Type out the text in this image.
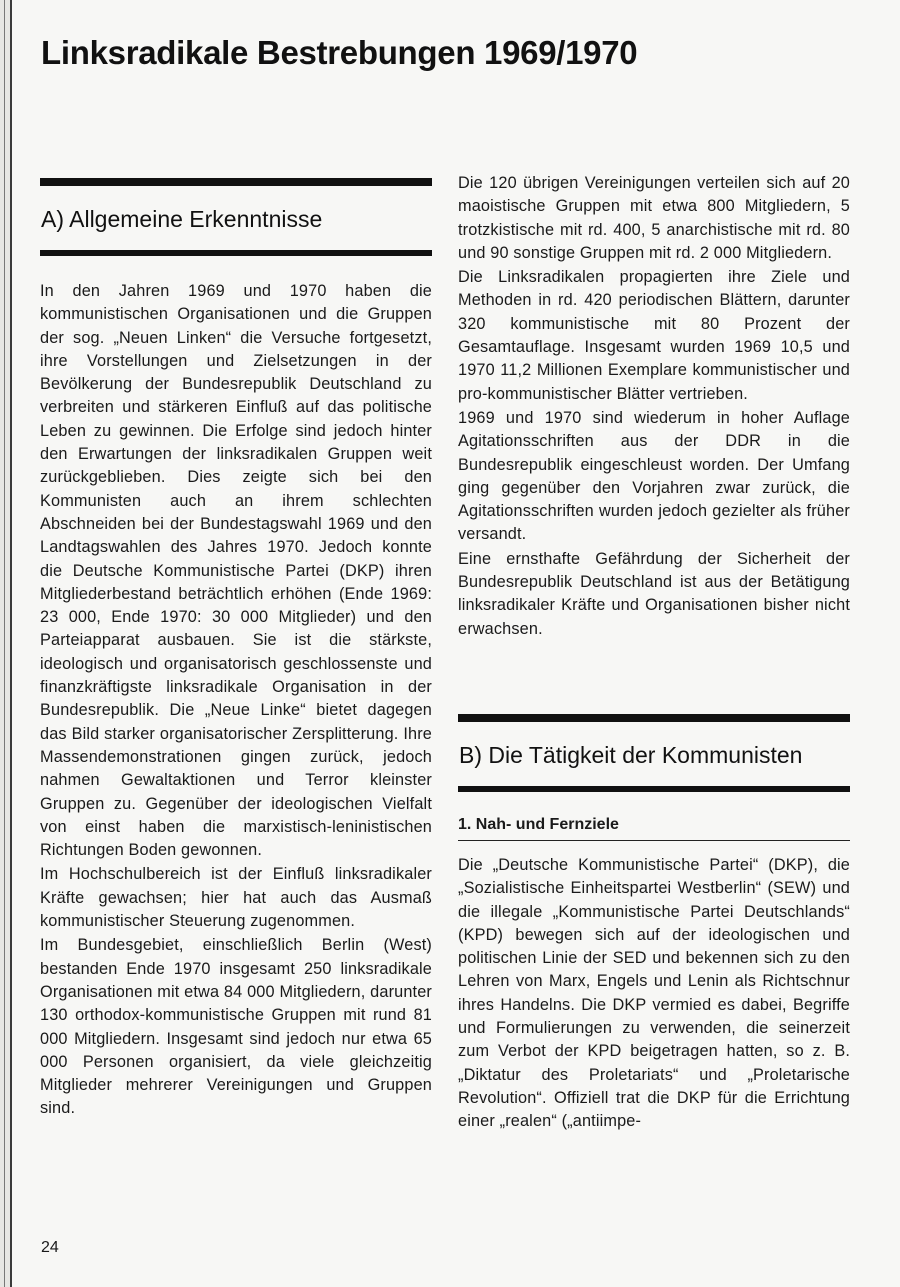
Linksradikale Bestrebungen 1969/1970
A) Allgemeine Erkenntnisse

In den Jahren 1969 und 1970 haben die kommunistischen Organisationen und die Gruppen der sog. „Neuen Linken“ die Versuche fortgesetzt, ihre Vorstellungen und Zielsetzungen in der Bevölkerung der Bundesrepublik Deutschland zu verbreiten und stärkeren Einfluß auf das politische Leben zu gewinnen. Die Erfolge sind jedoch hinter den Erwartungen der linksradikalen Gruppen weit zurückgeblieben. Dies zeigte sich bei den Kommunisten auch an ihrem schlechten Abschneiden bei der Bundestagswahl 1969 und den Landtagswahlen des Jahres 1970. Jedoch konnte die Deutsche Kommunistische Partei (DKP) ihren Mitgliederbestand beträchtlich erhöhen (Ende 1969: 23 000, Ende 1970: 30 000 Mitglieder) und den Parteiapparat ausbauen. Sie ist die stärkste, ideologisch und organisatorisch geschlossenste und finanzkräftigste linksradikale Organisation in der Bundesrepublik. Die „Neue Linke“ bietet dagegen das Bild starker organisatorischer Zersplitterung. Ihre Massendemonstrationen gingen zurück, jedoch nahmen Gewaltaktionen und Terror kleinster Gruppen zu. Gegenüber der ideologischen Vielfalt von einst haben die marxistisch-leninistischen Richtungen Boden gewonnen.

Im Hochschulbereich ist der Einfluß linksradikaler Kräfte gewachsen; hier hat auch das Ausmaß kommunistischer Steuerung zugenommen.

Im Bundesgebiet, einschließlich Berlin (West) bestanden Ende 1970 insgesamt 250 linksradikale Organisationen mit etwa 84 000 Mitgliedern, darunter 130 orthodox-kommunistische Gruppen mit rund 81 000 Mitgliedern. Insgesamt sind jedoch nur etwa 65 000 Personen organisiert, da viele gleichzeitig Mitglieder mehrerer Vereinigungen und Gruppen sind.

Die 120 übrigen Vereinigungen verteilen sich auf 20 maoistische Gruppen mit etwa 800 Mitgliedern, 5 trotzkistische mit rd. 400, 5 anarchistische mit rd. 80 und 90 sonstige Gruppen mit rd. 2 000 Mitgliedern.

Die Linksradikalen propagierten ihre Ziele und Methoden in rd. 420 periodischen Blättern, darunter 320 kommunistische mit 80 Prozent der Gesamtauflage. Insgesamt wurden 1969 10,5 und 1970 11,2 Millionen Exemplare kommunistischer und pro-kommunistischer Blätter vertrieben.

1969 und 1970 sind wiederum in hoher Auflage Agitationsschriften aus der DDR in die Bundesrepublik eingeschleust worden. Der Umfang ging gegenüber den Vorjahren zwar zurück, die Agitationsschriften wurden jedoch gezielter als früher versandt.

Eine ernsthafte Gefährdung der Sicherheit der Bundesrepublik Deutschland ist aus der Betätigung linksradikaler Kräfte und Organisationen bisher nicht erwachsen.

B) Die Tätigkeit der Kommunisten
1. Nah- und Fernziele

Die „Deutsche Kommunistische Partei“ (DKP), die „Sozialistische Einheitspartei Westberlin“ (SEW) und die illegale „Kommunistische Partei Deutschlands“ (KPD) bewegen sich auf der ideologischen und politischen Linie der SED und bekennen sich zu den Lehren von Marx, Engels und Lenin als Richtschnur ihres Handelns. Die DKP vermied es dabei, Begriffe und Formulierungen zu verwenden, die seinerzeit zum Verbot der KPD beigetragen hatten, so z. B. „Diktatur des Proletariats“ und „Proletarische Revolution“. Offiziell trat die DKP für die Errichtung einer „realen“ („antiimpe-

24
